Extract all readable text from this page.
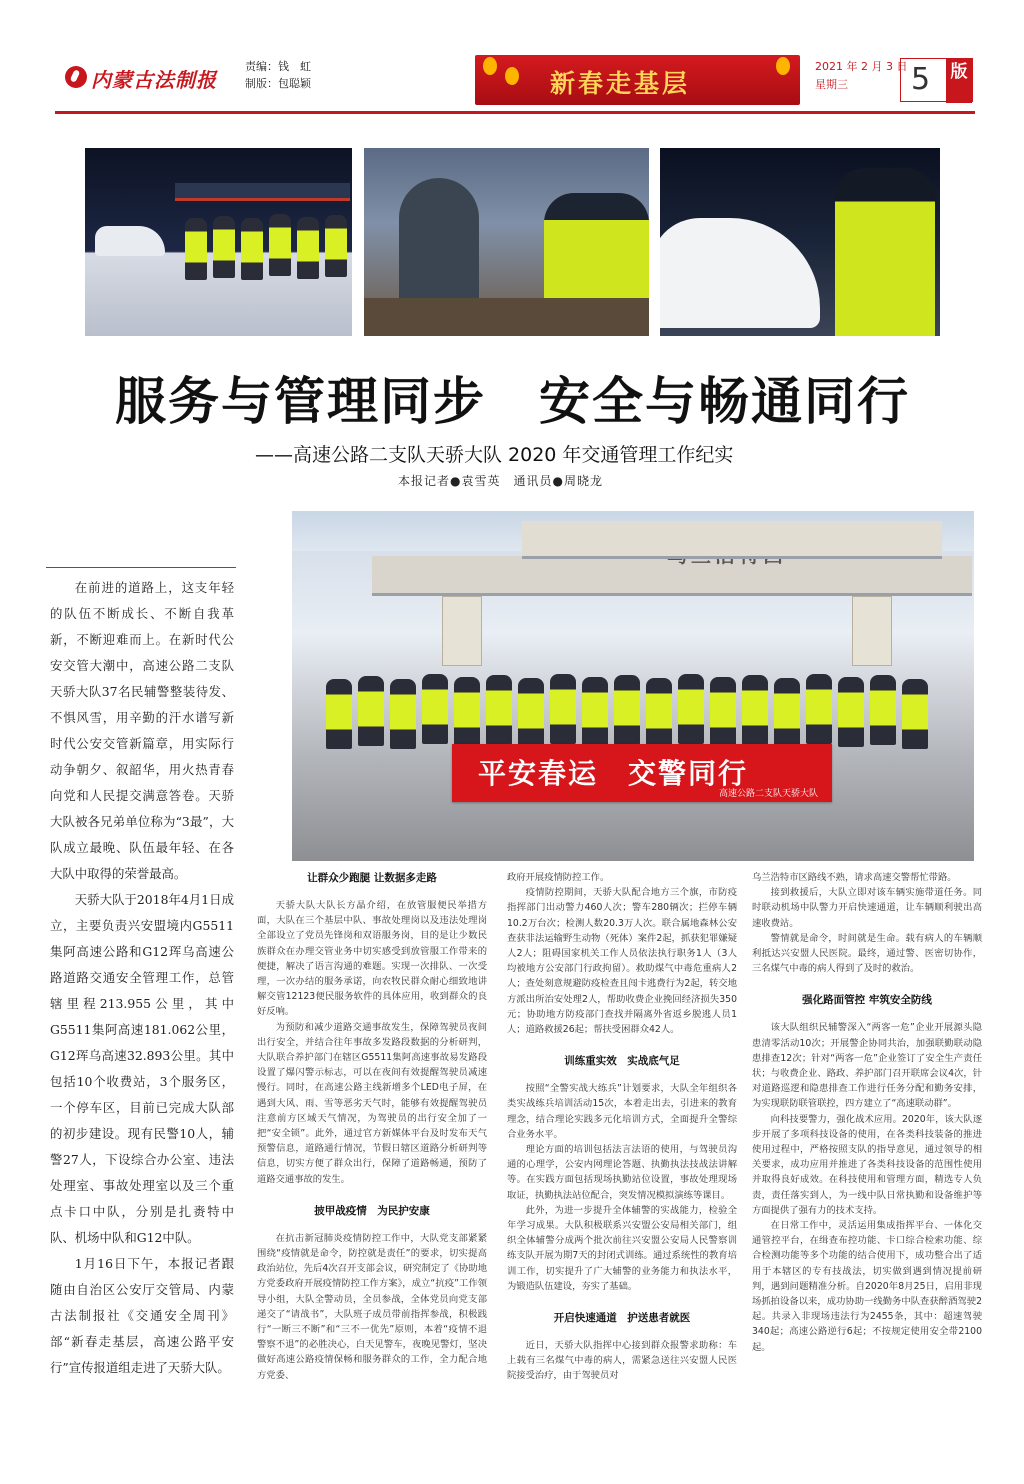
内蒙古法制报
责编：钱　虹
制版：包聪颖	新春走基层
2021 年 2 月 3 日
星期三	5 版
服务与管理同步　安全与畅通同行
——高速公路二支队天骄大队 2020 年交通管理工作纪实
本报记者●袁雪英　通讯员●周晓龙
平安春运　交警同行
高速公路二支队天骄大队

在前进的道路上，这支年轻的队伍不断成长、不断自我革新，不断迎难而上。在新时代公安交管大潮中，高速公路二支队天骄大队37名民辅警整装待发、不惧风雪，用辛勤的汗水谱写新时代公安交管新篇章，用实际行动争朝夕、叙韶华，用火热青春向党和人民提交满意答卷。天骄大队被各兄弟单位称为“3最”，大队成立最晚、队伍最年轻、在各大队中取得的荣誉最高。

天骄大队于2018年4月1日成立，主要负责兴安盟境内G5511集阿高速公路和G12珲乌高速公路道路交通安全管理工作，总管辖里程213.955公里，其中G5511集阿高速181.062公里，G12珲乌高速32.893公里。其中包括10个收费站，3个服务区，一个停车区，目前已完成大队部的初步建设。现有民警10人，辅警27人，下设综合办公室、违法处理室、事故处理室以及三个重点卡口中队，分别是扎赉特中队、机场中队和G12中队。

1月16日下午，本报记者跟随由自治区公安厅交管局、内蒙古法制报社《交通安全周刊》部“新春走基层，高速公路平安行”宣传报道组走进了天骄大队。

让群众少跑腿 让数据多走路

天骄大队大队长方晶介绍，在放管服便民举措方面，大队在三个基层中队、事故处理岗以及违法处理岗全部设立了党员先锋岗和双语服务岗，目的是让少数民族群众在办理交管业务中切实感受到放管服工作带来的便捷，解决了语言沟通的难题。实现一次排队、一次受理，一次办结的服务承诺，向农牧民群众耐心细致地讲解交管12123便民服务软件的具体应用，收到群众的良好反响。

为预防和减少道路交通事故发生，保障驾驶员夜间出行安全，并结合往年事故多发路段数据的分析研判，大队联合养护部门在辖区G5511集阿高速事故易发路段设置了爆闪警示标志，可以在夜间有效提醒驾驶员减速慢行。同时，在高速公路主线新增多个LED电子屏，在遇到大风、雨、雪等恶劣天气时，能够有效提醒驾驶员注意前方区域天气情况，为驾驶员的出行安全加了一把“安全锁”。此外，通过官方新媒体平台及时发布天气预警信息，道路通行情况，节假日辖区道路分析研判等信息，切实方便了群众出行，保障了道路畅通，预防了道路交通事故的发生。

披甲战疫情　为民护安康

在抗击新冠肺炎疫情防控工作中，大队党支部紧紧围绕“疫情就是命令，防控就是责任”的要求，切实提高政治站位，先后4次召开支部会议，研究制定了《协助地方党委政府开展疫情防控工作方案》，成立“抗疫”工作领导小组，大队全警动员，全员参战，全体党员向党支部递交了“请战书”，大队班子成员带前指挥参战，积极践行“一断三不断”和“三不一优先”原则，本着“疫情不退　警察不退”的必胜决心，白天见警车，夜晚见警灯，坚决做好高速公路疫情保畅和服务群众的工作，全力配合地方党委、

政府开展疫情防控工作。

疫情防控期间，天骄大队配合地方三个旗，市防疫指挥部门出动警力460人次；警车280辆次；拦停车辆10.2万台次；检测人数20.3万人次。联合属地森林公安查获非法运输野生动物（死体）案件2起，抓获犯罪嫌疑人2人；阻碍国家机关工作人员依法执行职务1人（3人均被地方公安部门行政拘留）。救助煤气中毒危重病人2人；查处刻意规避防疫检查且闯卡逃费行为2起，转交地方派出所治安处理2人，帮助收费企业挽回经济损失350元；协助地方防疫部门查找并隔离外省返乡脱逃人员1人；道路救援26起；帮扶受困群众42人。

训练重实效　实战底气足

按照“全警实战大练兵”计划要求，大队全年组织各类实战练兵培训活动15次，本着走出去，引进来的教育理念，结合理论实践多元化培训方式，全面提升全警综合业务水平。

理论方面的培训包括法言法语的使用，与驾驶员沟通的心理学，公安内网理论答题、执勤执法技战法讲解等。在实践方面包括现场执勤站位设置，事故处理现场取证，执勤执法站位配合，突发情况模拟演练等课目。

此外，为进一步提升全体辅警的实战能力，检验全年学习成果。大队积极联系兴安盟公安局相关部门，组织全体辅警分成两个批次前往兴安盟公安局人民警察训练支队开展为期7天的封闭式训练。通过系统性的教育培训工作，切实提升了广大辅警的业务能力和执法水平，为锻造队伍建设，夯实了基础。

开启快速通道　护送患者就医

近日，天骄大队指挥中心接到群众报警求助称：车上载有三名煤气中毒的病人，需紧急送往兴安盟人民医院接受治疗，由于驾驶员对

乌兰浩特市区路线不熟，请求高速交警帮忙带路。

接到救援后，大队立即对该车辆实施带道任务。同时联动机场中队警力开启快速通道，让车辆顺利驶出高速收费站。

警情就是命令，时间就是生命。载有病人的车辆顺利抵达兴安盟人民医院。最终，通过警、医密切协作，三名煤气中毒的病人得到了及时的救治。

强化路面管控 牢筑安全防线

该大队组织民辅警深入“两客一危”企业开展源头隐患清零活动10次；开展警企协同共治，加强联勤联动隐患排查12次；针对“两客一危”企业签订了安全生产责任状；与收费企业、路政、养护部门召开联席会议4次，针对道路巡逻和隐患排查工作进行任务分配和勤务安排，为实现联防联管联控，四方建立了“高速联动群”。

向科技要警力，强化战术应用。2020年，该大队逐步开展了多项科技设备的使用，在各类科技装备的推进使用过程中，严格按照支队的指导意见，通过领导的相关要求，成功应用并推进了各类科技设备的范围性使用并取得良好成效。在科技使用和管理方面，精选专人负责，责任落实到人，为一线中队日常执勤和设备维护等方面提供了强有力的技术支持。

在日常工作中，灵活运用集成指挥平台、一体化交通管控平台，在缉查布控功能、卡口综合检索功能、综合检测功能等多个功能的结合使用下，成功整合出了适用于本辖区的专有技战法，切实做到遇到情况提前研判，遇到问题精准分析。自2020年8月25日，启用非现场抓拍设备以来，成功协助一线勤务中队查获醉酒驾驶2起。共录入非现场违法行为2455条，其中：超速驾驶340起；高速公路逆行6起；不按规定使用安全带2100起。
